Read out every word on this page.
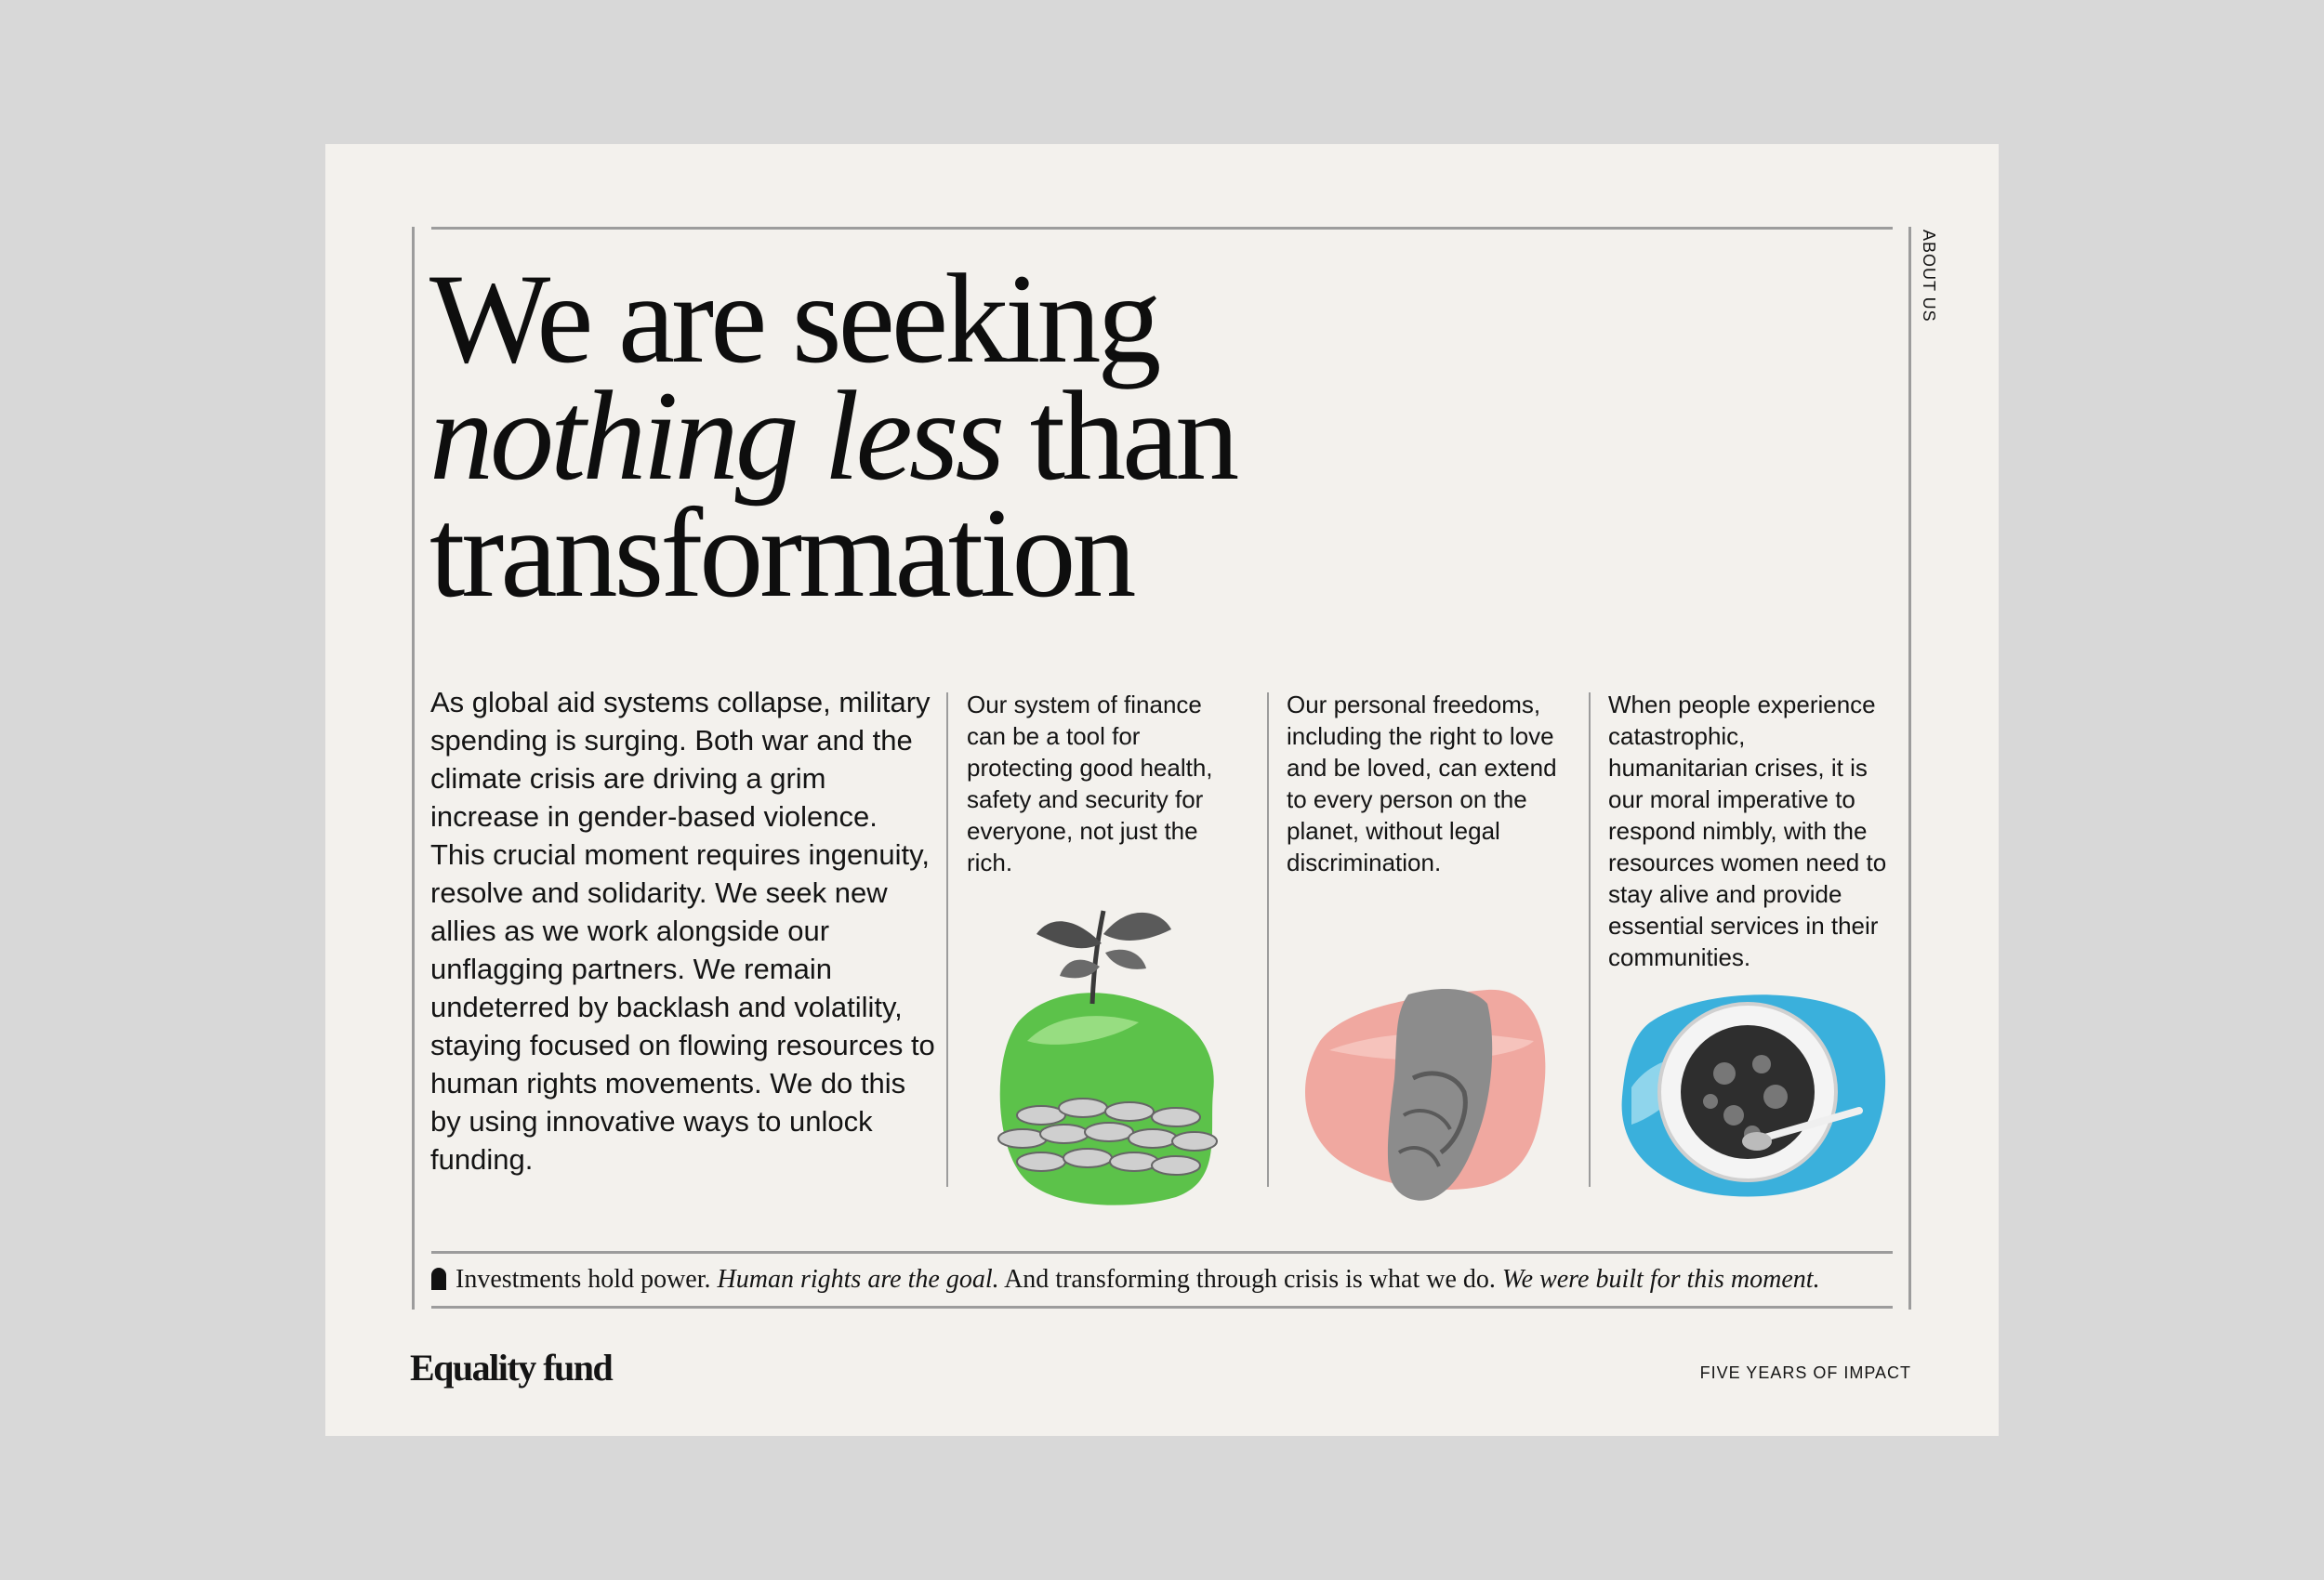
ABOUT US
We are seeking
nothing less than
transformation

As global aid systems collapse, military spending is surging. Both war and the climate crisis are driving a grim increase in gender-based violence. This crucial moment requires ingenuity, resolve and solidarity. We seek new allies as we work alongside our unflagging partners. We remain undeterred by backlash and volatility, staying focused on flowing resources to human rights movements. We do this by using innovative ways to unlock funding.

Our system of finance can be a tool for protecting good health, safety and security for everyone, not just the rich.

Our personal freedoms, including the right to love and be loved, can extend to every person on the planet, without legal discrimination.

When people experience catastrophic, humanitarian crises, it is our moral imperative to respond nimbly, with the resources women need to stay alive and provide essential services in their communities.

Investments hold power. Human rights are the goal. And transforming through crisis is what we do. We were built for this moment.
Equality fund	FIVE YEARS OF IMPACT
